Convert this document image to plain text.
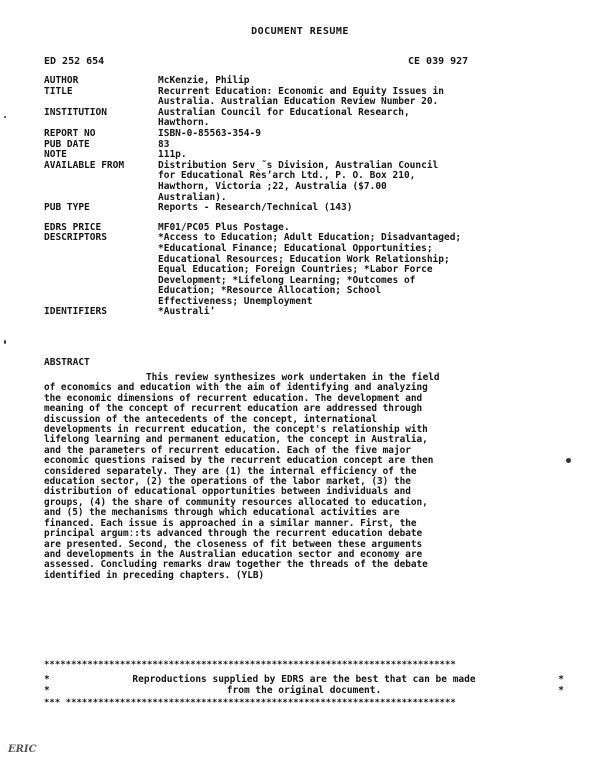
DOCUMENT RESUME
ED 252 654	CE 039 927
AUTHOR	McKenzie, Philip
TITLE	Recurrent Education: Economic and Equity Issues in
Australia. Australian Education Review Number 20.
INSTITUTION	Australian Council for Educational Research,
Hawthorn.
REPORT NO	ISBN-0-85563-354-9
PUB DATE	83
NOTE	111p.
AVAILABLE FROM	Distribution Servˎ˝s Division, Australian Council
for Educational Res’arch Ltd., P. O. Box 210,
Hawthorn, Victoria ;22, Australia ($7.00
Australian).
PUB TYPE	Reports - Research/Technical (143)
EDRS PRICE	MF01/PC05 Plus Postage.
DESCRIPTORS	*Access to Education; Adult Education; Disadvantaged;
*Educational Finance; Educational Opportunities;
Educational Resources; Education Work Relationship;
Equal Education; Foreign Countries; *Labor Force
Development; *Lifelong Learning; *Outcomes of
Education; *Resource Allocation; School
Effectiveness; Unemployment
IDENTIFIERS	*Australi’
ABSTRACT
This review synthesizes work undertaken in the field
of economics and education with the aim of identifying and analyzing
the economic dimensions of recurrent education. The development and
meaning of the concept of recurrent education are addressed through
discussion of the antecedents of the concept, international
developments in recurrent education, the concept's relationship with
lifelong learning and permanent education, the concept in Australia,
and the parameters of recurrent education. Each of the five major
economic questions raised by the recurrent education concept are then
considered separately. They are (1) the internal efficiency of the
education sector, (2) the operations of the labor market, (3) the
distribution of educational opportunities between individuals and
groups, (4) the share of community resources allocated to education,
and (5) the mechanisms through which educational activities are
financed. Each issue is approached in a similar manner. First, the
principal argumː:ts advanced through the recurrent education debate
are presented. Second, the closeness of fit between these arguments
and developments in the Australian education sector and economy are
assessed. Concluding remarks draw together the threads of the debate
identified in preceding chapters. (YLB)
****************************************************************************
*	Reproductions supplied by EDRS are the best that can be made	*
*	from the original document.	*
*** ************************************************************************
ERIC
